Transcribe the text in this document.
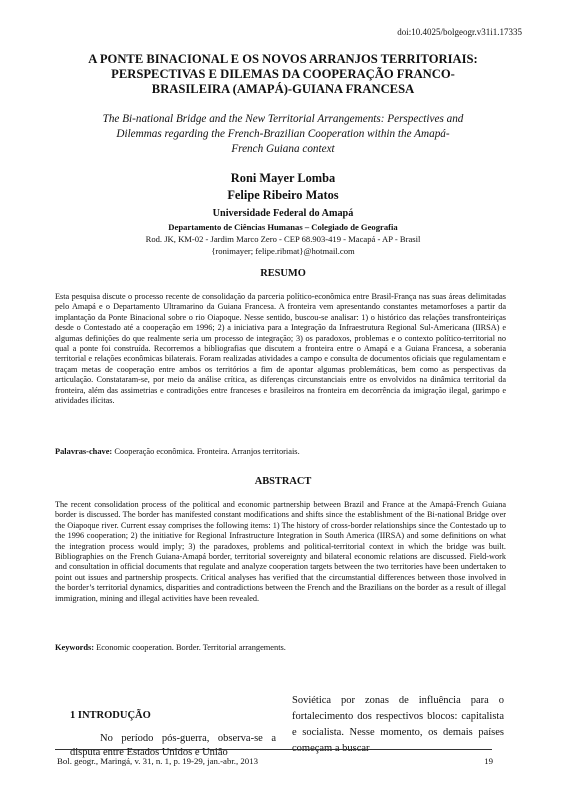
doi:10.4025/bolgeogr.v31i1.17335
A PONTE BINACIONAL E OS NOVOS ARRANJOS TERRITORIAIS:
PERSPECTIVAS E DILEMAS DA COOPERAÇÃO FRANCO-
BRASILEIRA (AMAPÁ)-GUIANA FRANCESA
The Bi-national Bridge and the New Territorial Arrangements: Perspectives and
Dilemmas regarding the French-Brazilian Cooperation within the Amapá-
French Guiana context
Roni Mayer Lomba
Felipe Ribeiro Matos
Universidade Federal do Amapá
Departamento de Ciências Humanas – Colegiado de Geografia
Rod. JK, KM-02 - Jardim Marco Zero - CEP 68.903-419 - Macapá - AP - Brasil
{ronimayer; felipe.ribmat}@hotmail.com
RESUMO
Esta pesquisa discute o processo recente de consolidação da parceria político-econômica entre Brasil-França nas suas áreas delimitadas pelo Amapá e o Departamento Ultramarino da Guiana Francesa. A fronteira vem apresentando constantes metamorfoses a partir da implantação da Ponte Binacional sobre o rio Oiapoque. Nesse sentido, buscou-se analisar: 1) o histórico das relações transfronteiriças desde o Contestado até a cooperação em 1996; 2) a iniciativa para a Integração da Infraestrutura Regional Sul-Americana (IIRSA) e algumas definições do que realmente seria um processo de integração; 3) os paradoxos, problemas e o contexto político-territorial no qual a ponte foi construída. Recorremos a bibliografias que discutem a fronteira entre o Amapá e a Guiana Francesa, a soberania territorial e relações econômicas bilaterais. Foram realizadas atividades a campo e consulta de documentos oficiais que regulamentam e traçam metas de cooperação entre ambos os territórios a fim de apontar algumas problemáticas, bem como as perspectivas da articulação. Constataram-se, por meio da análise crítica, as diferenças circunstanciais entre os envolvidos na dinâmica territorial da fronteira, além das assimetrias e contradições entre franceses e brasileiros na fronteira em decorrência da imigração ilegal, garimpo e atividades ilícitas.
Palavras-chave: Cooperação econômica. Fronteira. Arranjos territoriais.
ABSTRACT
The recent consolidation process of the political and economic partnership between Brazil and France at the Amapá-French Guiana border is discussed. The border has manifested constant modifications and shifts since the establishment of the Bi-national Bridge over the Oiapoque river. Current essay comprises the following items: 1) The history of cross-border relationships since the Contestado up to the 1996 cooperation; 2) the initiative for Regional Infrastructure Integration in South America (IIRSA) and some definitions on what the integration process would imply; 3) the paradoxes, problems and political-territorial context in which the bridge was built. Bibliographies on the French Guiana-Amapá border, territorial sovereignty and bilateral economic relations are discussed. Field-work and consultation in official documents that regulate and analyze cooperation targets between the two territories have been undertaken to point out issues and partnership prospects. Critical analyses has verified that the circumstantial differences between those involved in the border’s territorial dynamics, disparities and contradictions between the French and the Brazilians on the border as a result of illegal immigration, mining and illegal activities have been revealed.
Keywords: Economic cooperation. Border. Territorial arrangements.
1 INTRODUÇÃO
No período pós-guerra, observa-se a disputa entre Estados Unidos e União
Soviética por zonas de influência para o fortalecimento dos respectivos blocos: capitalista e socialista. Nesse momento, os demais países começam a buscar
Bol. geogr., Maringá, v. 31, n. 1, p. 19-29, jan.-abr., 2013	19
